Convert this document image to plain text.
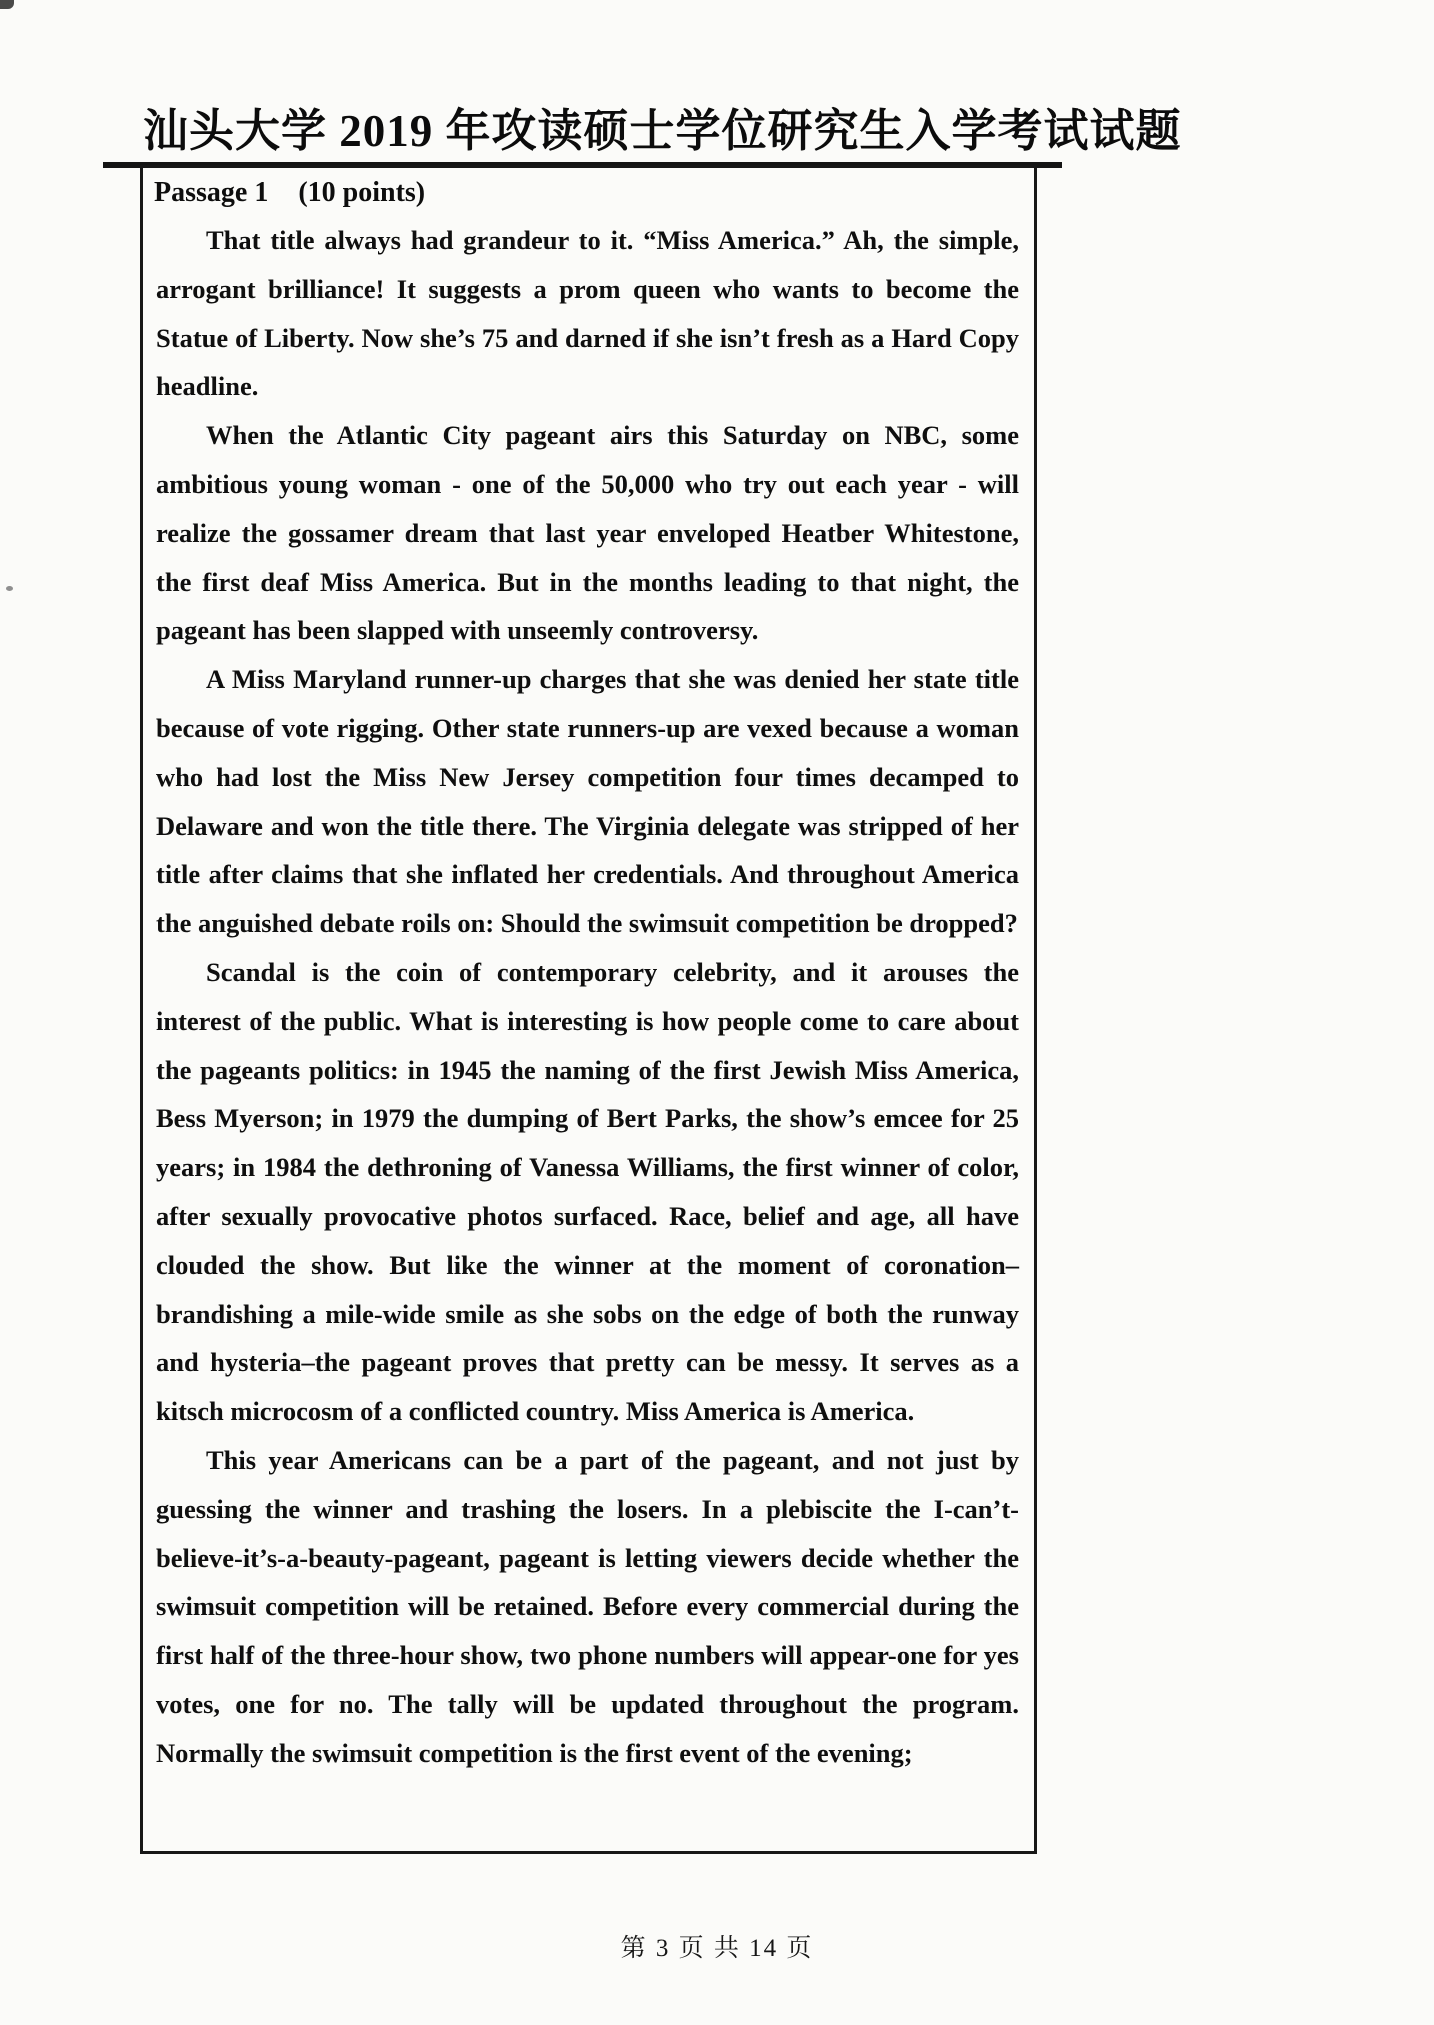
汕头大学 2019 年攻读硕士学位研究生入学考试试题
Passage 1 (10 points)

That title always had grandeur to it. “Miss America.” Ah, the simple, arrogant brilliance! It suggests a prom queen who wants to become the Statue of Liberty. Now she’s 75 and darned if she isn’t fresh as a Hard Copy headline.

When the Atlantic City pageant airs this Saturday on NBC, some ambitious young woman - one of the 50,000 who try out each year - will realize the gossamer dream that last year enveloped Heatber Whitestone, the first deaf Miss America. But in the months leading to that night, the pageant has been slapped with unseemly controversy.

A Miss Maryland runner-up charges that she was denied her state title because of vote rigging. Other state runners-up are vexed because a woman who had lost the Miss New Jersey competition four times decamped to Delaware and won the title there. The Virginia delegate was stripped of her title after claims that she inflated her credentials. And throughout America the anguished debate roils on: Should the swimsuit competition be dropped?

Scandal is the coin of contemporary celebrity, and it arouses the interest of the public. What is interesting is how people come to care about the pageants politics: in 1945 the naming of the first Jewish Miss America, Bess Myerson; in 1979 the dumping of Bert Parks, the show’s emcee for 25 years; in 1984 the dethroning of Vanessa Williams, the first winner of color, after sexually provocative photos surfaced. Race, belief and age, all have clouded the show. But like the winner at the moment of coronation–brandishing a mile-wide smile as she sobs on the edge of both the runway and hysteria–the pageant proves that pretty can be messy. It serves as a kitsch microcosm of a conflicted country. Miss America is America.

This year Americans can be a part of the pageant, and not just by guessing the winner and trashing the losers. In a plebiscite the I-can’t-believe-it’s-a-beauty-pageant, pageant is letting viewers decide whether the swimsuit competition will be retained. Before every commercial during the first half of the three-hour show, two phone numbers will appear-one for yes votes, one for no. The tally will be updated throughout the program. Normally the swimsuit competition is the first event of the evening;

第 3 页 共 14 页
